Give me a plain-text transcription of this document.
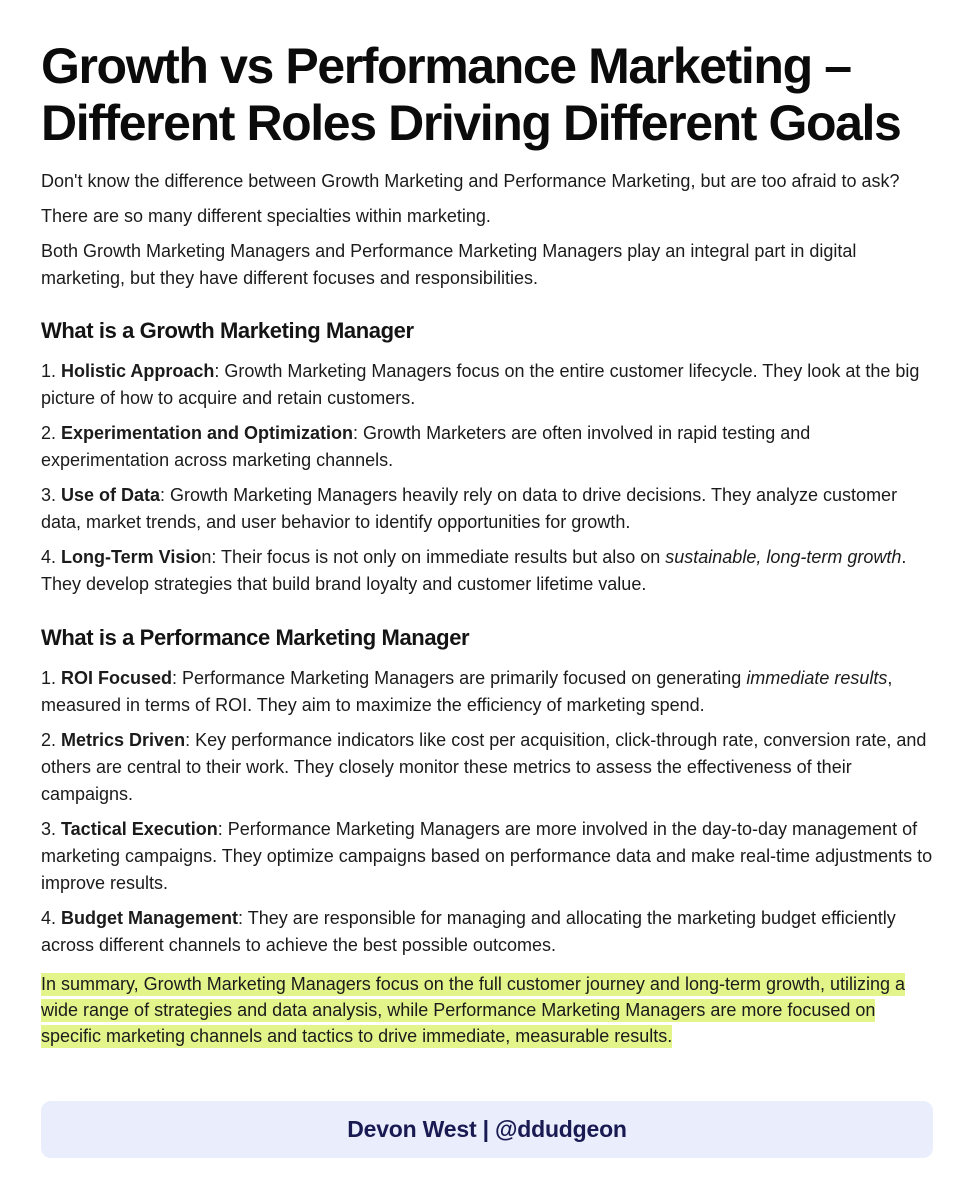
Growth vs Performance Marketing – Different Roles Driving Different Goals

Don't know the difference between Growth Marketing and Performance Marketing, but are too afraid to ask?

There are so many different specialties within marketing.

Both Growth Marketing Managers and Performance Marketing Managers play an integral part in digital marketing, but they have different focuses and responsibilities.

What is a Growth Marketing Manager

1. Holistic Approach: Growth Marketing Managers focus on the entire customer lifecycle. They look at the big picture of how to acquire and retain customers.

2. Experimentation and Optimization: Growth Marketers are often involved in rapid testing and experimentation across marketing channels.

3. Use of Data: Growth Marketing Managers heavily rely on data to drive decisions. They analyze customer data, market trends, and user behavior to identify opportunities for growth.

4. Long-Term Vision: Their focus is not only on immediate results but also on sustainable, long-term growth. They develop strategies that build brand loyalty and customer lifetime value.

What is a Performance Marketing Manager

1. ROI Focused: Performance Marketing Managers are primarily focused on generating immediate results, measured in terms of ROI. They aim to maximize the efficiency of marketing spend.

2. Metrics Driven: Key performance indicators like cost per acquisition, click-through rate, conversion rate, and others are central to their work. They closely monitor these metrics to assess the effectiveness of their campaigns.

3. Tactical Execution: Performance Marketing Managers are more involved in the day-to-day management of marketing campaigns. They optimize campaigns based on performance data and make real-time adjustments to improve results.

4. Budget Management: They are responsible for managing and allocating the marketing budget efficiently across different channels to achieve the best possible outcomes.

In summary, Growth Marketing Managers focus on the full customer journey and long-term growth, utilizing a wide range of strategies and data analysis, while Performance Marketing Managers are more focused on specific marketing channels and tactics to drive immediate, measurable results.

Devon West | @ddudgeon
